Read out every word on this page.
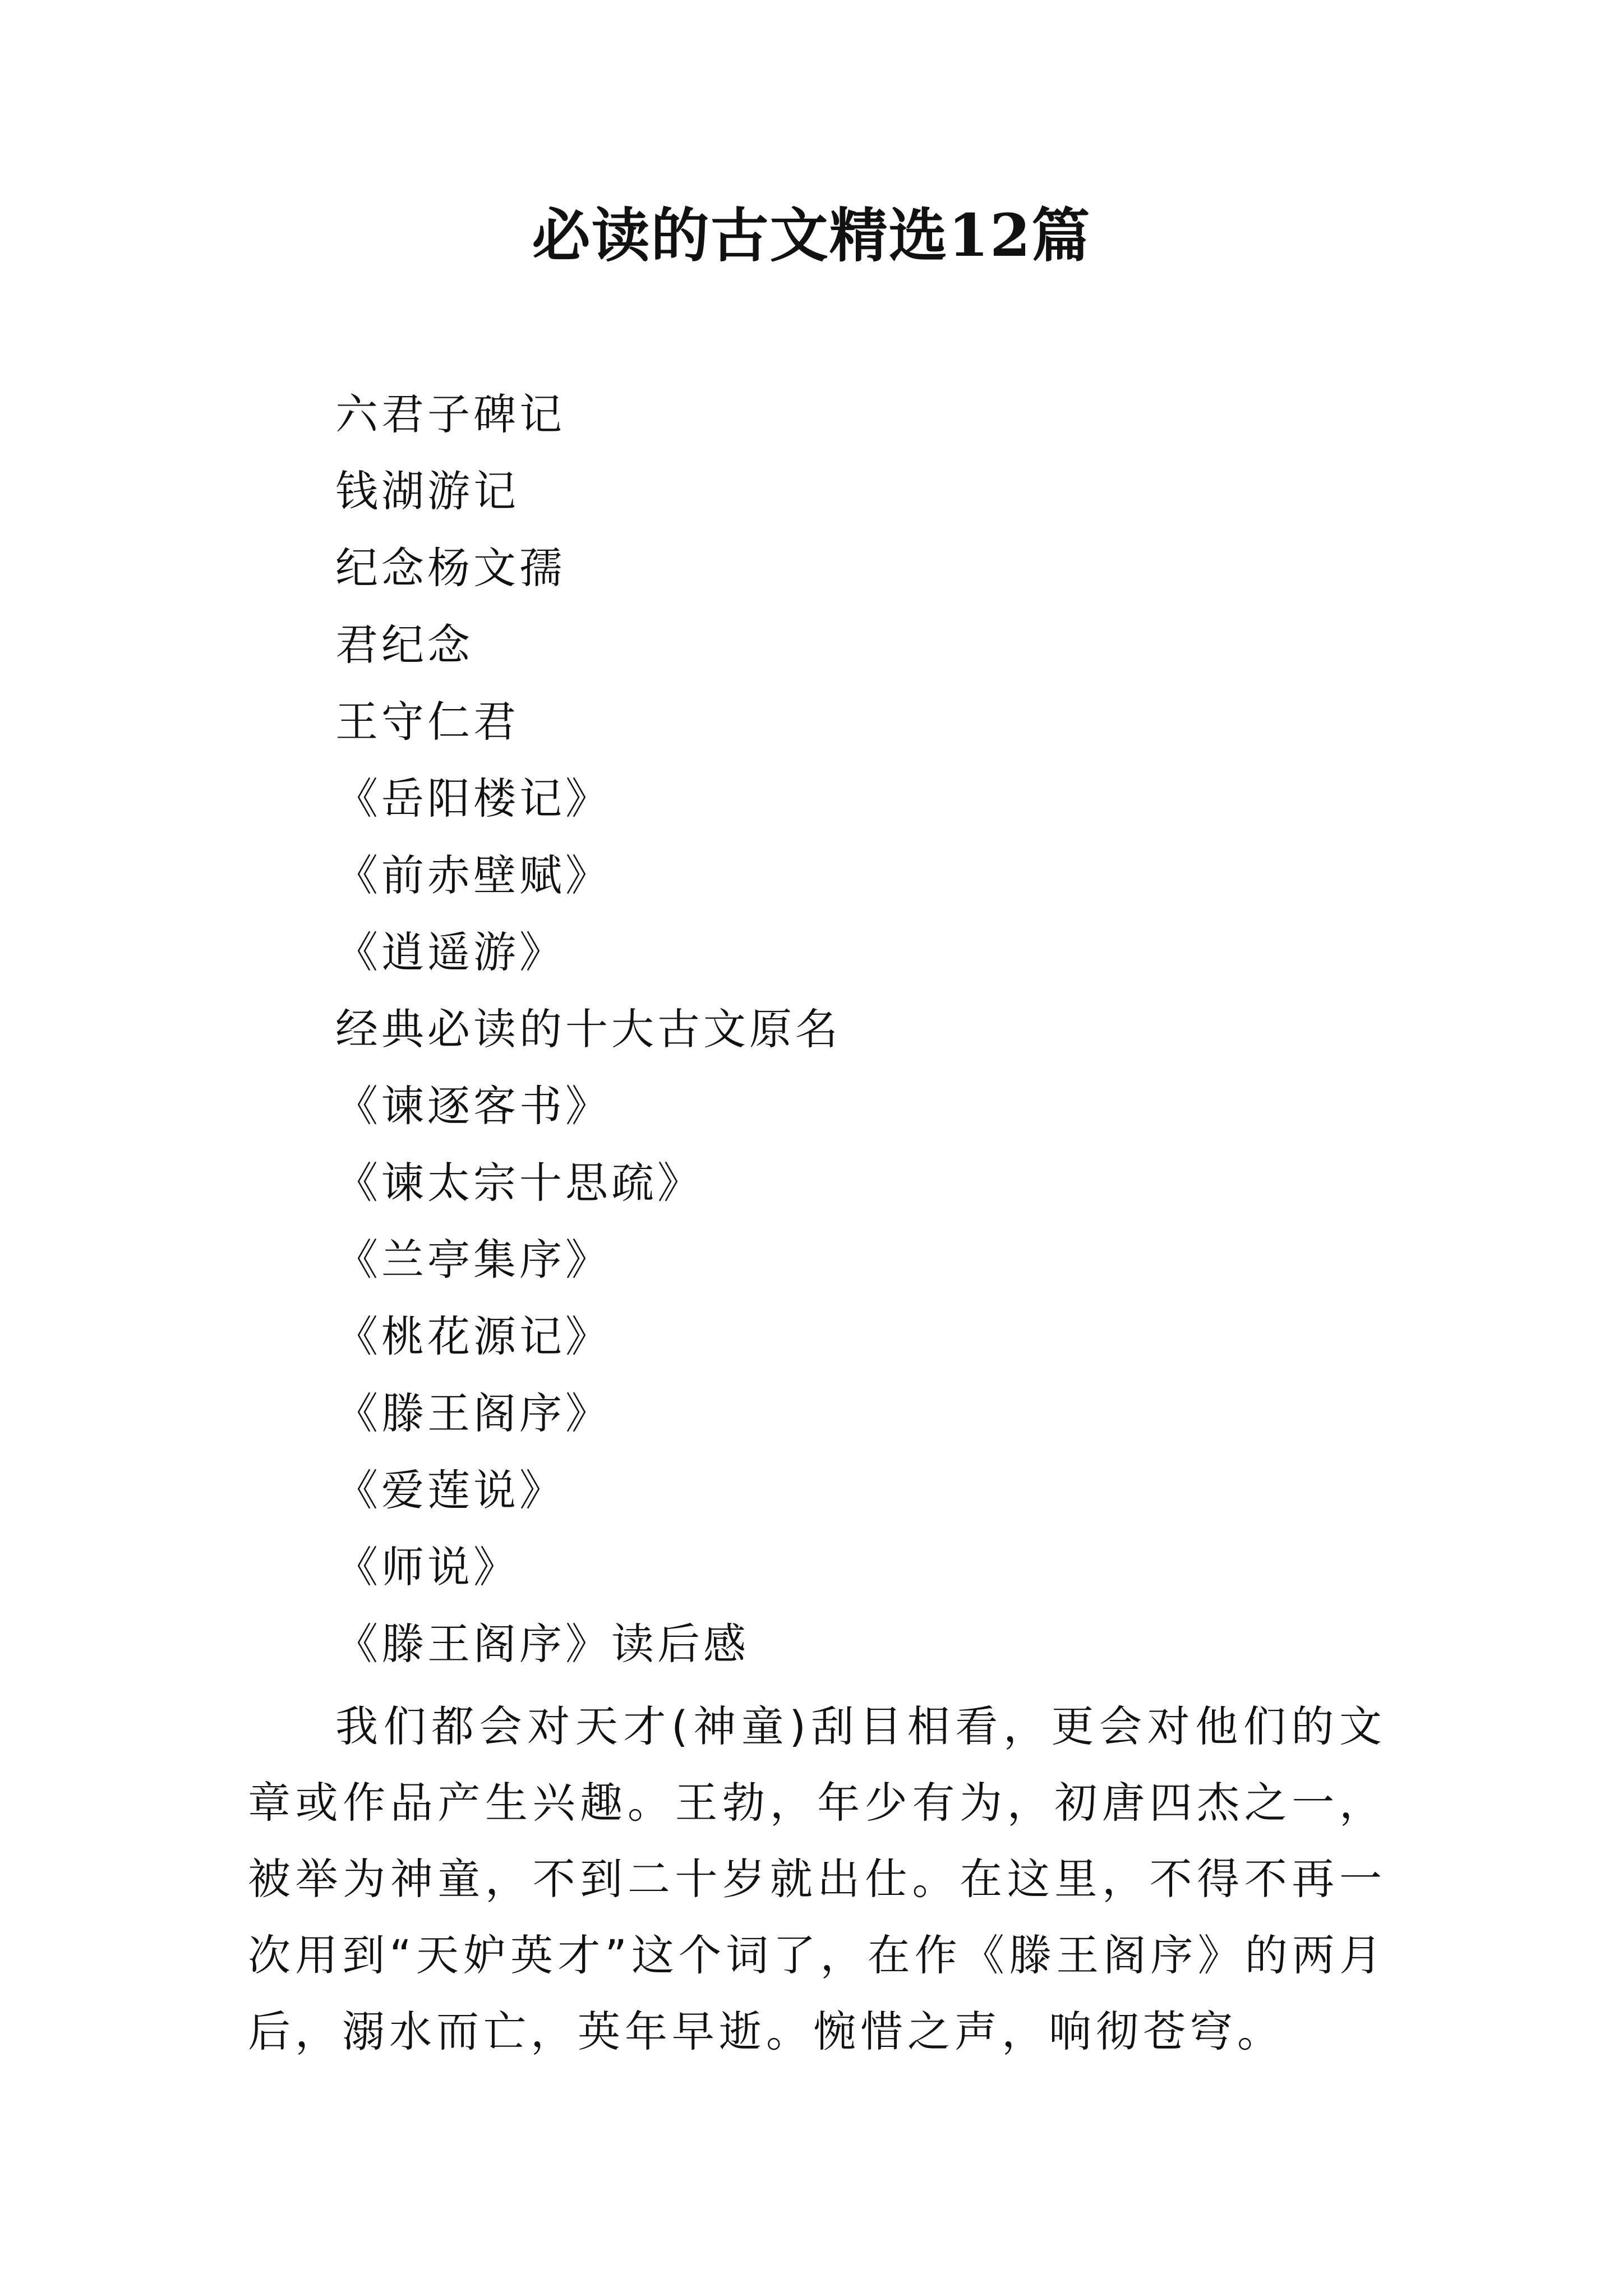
必读的古文精选12篇
六君子碑记
钱湖游记
纪念杨文孺
君纪念
王守仁君
《岳阳楼记》
《前赤壁赋》
《逍遥游》
经典必读的十大古文原名
《谏逐客书》
《谏太宗十思疏》
《兰亭集序》
《桃花源记》
《滕王阁序》
《爱莲说》
《师说》
《滕王阁序》读后感

我们都会对天才(神童)刮目相看，更会对他们的文章或作品产生兴趣。王勃，年少有为，初唐四杰之一，被举为神童，不到二十岁就出仕。在这里，不得不再一次用到“天妒英才”这个词了，在作《滕王阁序》的两月后，溺水而亡，英年早逝。惋惜之声，响彻苍穹。
